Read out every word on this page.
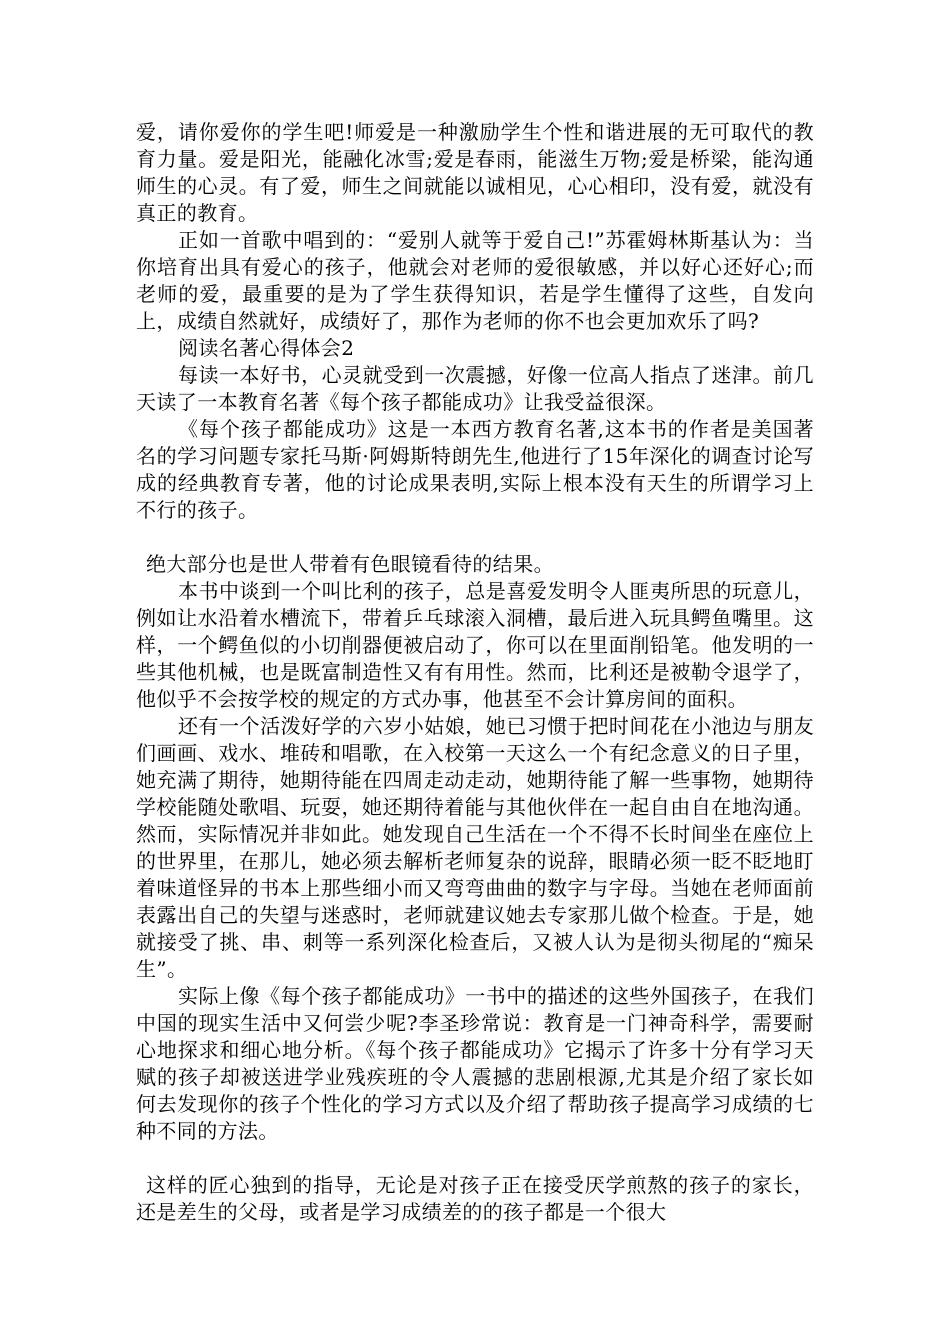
爱，请你爱你的学生吧!师爱是一种激励学生个性和谐进展的无可取代的教育力量。爱是阳光，能融化冰雪;爱是春雨，能滋生万物;爱是桥梁，能沟通师生的心灵。有了爱，师生之间就能以诚相见，心心相印，没有爱，就没有真正的教育。

正如一首歌中唱到的：“爱别人就等于爱自己!”苏霍姆林斯基认为：当你培育出具有爱心的孩子，他就会对老师的爱很敏感，并以好心还好心;而老师的爱，最重要的是为了学生获得知识，若是学生懂得了这些，自发向上，成绩自然就好，成绩好了，那作为老师的你不也会更加欢乐了吗?

阅读名著心得体会2

每读一本好书，心灵就受到一次震撼，好像一位高人指点了迷津。前几天读了一本教育名著《每个孩子都能成功》让我受益很深。

《每个孩子都能成功》这是一本西方教育名著,这本书的作者是美国著名的学习问题专家托马斯·阿姆斯特朗先生,他进行了15年深化的调查讨论写成的经典教育专著，他的讨论成果表明,实际上根本没有天生的所谓学习上不行的孩子。

绝大部分也是世人带着有色眼镜看待的结果。

本书中谈到一个叫比利的孩子，总是喜爱发明令人匪夷所思的玩意儿，例如让水沿着水槽流下，带着乒乓球滚入洞槽，最后进入玩具鳄鱼嘴里。这样，一个鳄鱼似的小切削器便被启动了，你可以在里面削铅笔。他发明的一些其他机械，也是既富制造性又有有用性。然而，比利还是被勒令退学了，他似乎不会按学校的规定的方式办事，他甚至不会计算房间的面积。

还有一个活泼好学的六岁小姑娘，她已习惯于把时间花在小池边与朋友们画画、戏水、堆砖和唱歌，在入校第一天这么一个有纪念意义的日子里，她充满了期待，她期待能在四周走动走动，她期待能了解一些事物，她期待学校能随处歌唱、玩耍，她还期待着能与其他伙伴在一起自由自在地沟通。然而，实际情况并非如此。她发现自己生活在一个不得不长时间坐在座位上的世界里，在那儿，她必须去解析老师复杂的说辞，眼睛必须一眨不眨地盯着味道怪异的书本上那些细小而又弯弯曲曲的数字与字母。当她在老师面前表露出自己的失望与迷惑时，老师就建议她去专家那儿做个检查。于是，她就接受了挑、串、刺等一系列深化检查后，又被人认为是彻头彻尾的“痴呆生”。

实际上像《每个孩子都能成功》一书中的描述的这些外国孩子，在我们中国的现实生活中又何尝少呢?李圣珍常说：教育是一门神奇科学，需要耐心地探求和细心地分析。《每个孩子都能成功》它揭示了许多十分有学习天赋的孩子却被送进学业残疾班的令人震撼的悲剧根源,尤其是介绍了家长如何去发现你的孩子个性化的学习方式以及介绍了帮助孩子提高学习成绩的七种不同的方法。

这样的匠心独到的指导，无论是对孩子正在接受厌学煎熬的孩子的家长，还是差生的父母，或者是学习成绩差的的孩子都是一个很大
